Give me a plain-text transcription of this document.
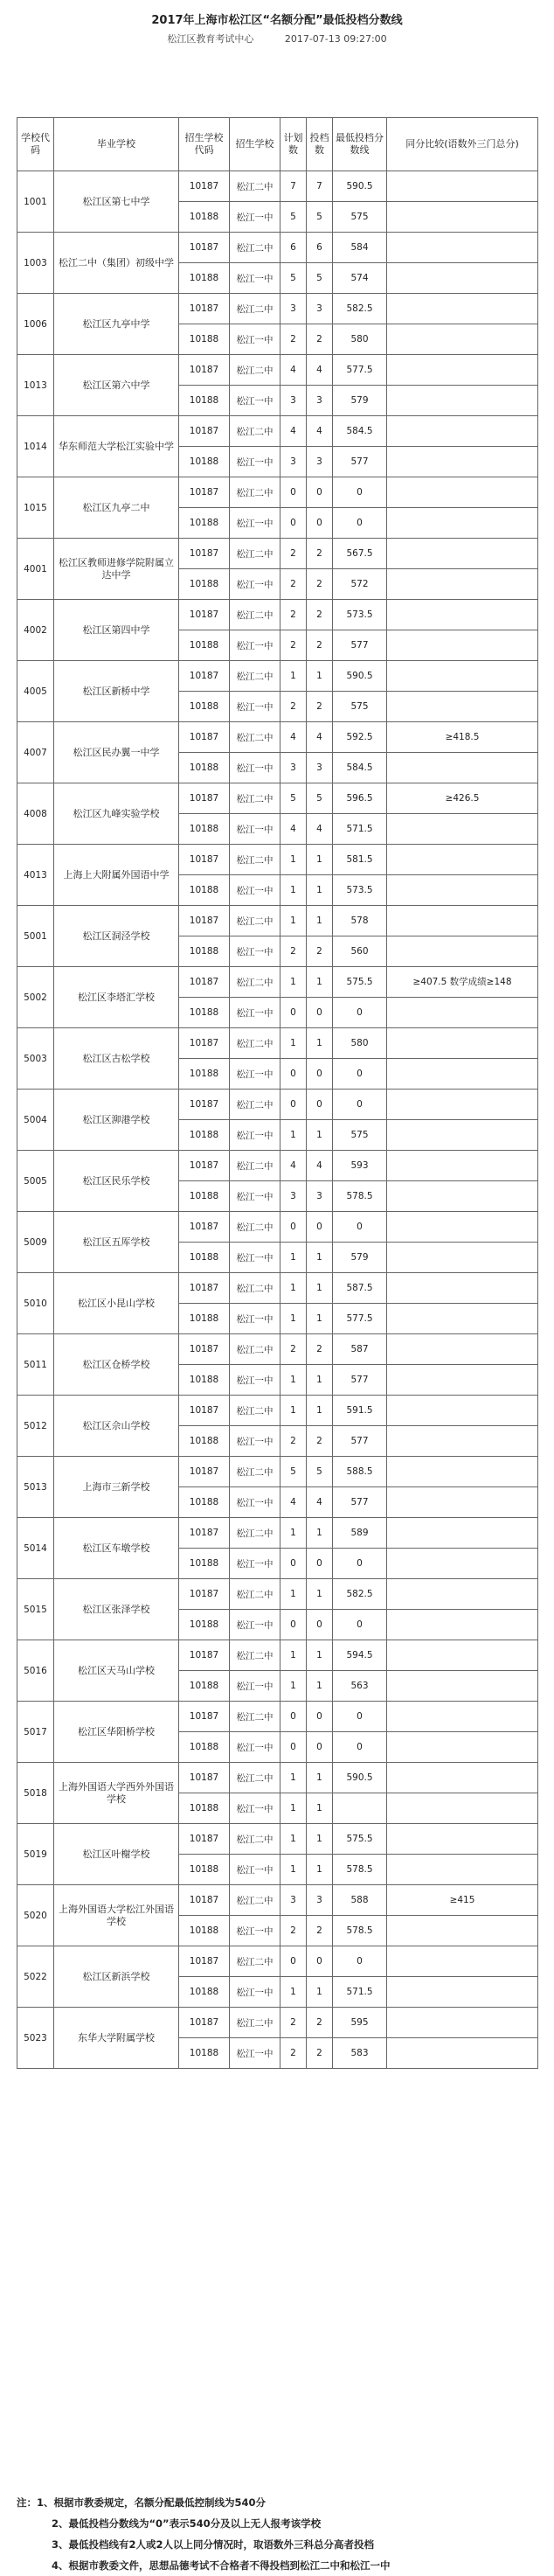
2017年上海市松江区“名额分配”最低投档分数线
松江区教育考试中心	2017-07-13 09:27:00
学校代码	毕业学校	招生学校代码	招生学校	计划数	投档数	最低投档分数线	同分比较(语数外三门总分)
1001	松江区第七中学	10187	松江二中	7	7	590.5	
		10188	松江一中	5	5	575	
1003	松江二中（集团）初级中学	10187	松江二中	6	6	584	
		10188	松江一中	5	5	574	
1006	松江区九亭中学	10187	松江二中	3	3	582.5	
		10188	松江一中	2	2	580	
1013	松江区第六中学	10187	松江二中	4	4	577.5	
		10188	松江一中	3	3	579	
1014	华东师范大学松江实验中学	10187	松江二中	4	4	584.5	
		10188	松江一中	3	3	577	
1015	松江区九亭二中	10187	松江二中	0	0	0	
		10188	松江一中	0	0	0	
4001	松江区教师进修学院附属立达中学	10187	松江二中	2	2	567.5	
		10188	松江一中	2	2	572	
4002	松江区第四中学	10187	松江二中	2	2	573.5	
		10188	松江一中	2	2	577	
4005	松江区新桥中学	10187	松江二中	1	1	590.5	
		10188	松江一中	2	2	575	
4007	松江区民办翼一中学	10187	松江二中	4	4	592.5	≥418.5
		10188	松江一中	3	3	584.5	
4008	松江区九峰实验学校	10187	松江二中	5	5	596.5	≥426.5
		10188	松江一中	4	4	571.5	
4013	上海上大附属外国语中学	10187	松江二中	1	1	581.5	
		10188	松江一中	1	1	573.5	
5001	松江区洞泾学校	10187	松江二中	1	1	578	
		10188	松江一中	2	2	560	
5002	松江区李塔汇学校	10187	松江二中	1	1	575.5	≥407.5 数学成绩≥148
		10188	松江一中	0	0	0	
5003	松江区古松学校	10187	松江二中	1	1	580	
		10188	松江一中	0	0	0	
5004	松江区泖港学校	10187	松江二中	0	0	0	
		10188	松江一中	1	1	575	
5005	松江区民乐学校	10187	松江二中	4	4	593	
		10188	松江一中	3	3	578.5	
5009	松江区五厍学校	10187	松江二中	0	0	0	
		10188	松江一中	1	1	579	
5010	松江区小昆山学校	10187	松江二中	1	1	587.5	
		10188	松江一中	1	1	577.5	
5011	松江区仓桥学校	10187	松江二中	2	2	587	
		10188	松江一中	1	1	577	
5012	松江区佘山学校	10187	松江二中	1	1	591.5	
		10188	松江一中	2	2	577	
5013	上海市三新学校	10187	松江二中	5	5	588.5	
		10188	松江一中	4	4	577	
5014	松江区车墩学校	10187	松江二中	1	1	589	
		10188	松江一中	0	0	0	
5015	松江区张泽学校	10187	松江二中	1	1	582.5	
		10188	松江一中	0	0	0	
5016	松江区天马山学校	10187	松江二中	1	1	594.5	
		10188	松江一中	1	1	563	
5017	松江区华阳桥学校	10187	松江二中	0	0	0	
		10188	松江一中	0	0	0	
5018	上海外国语大学西外外国语学校	10187	松江二中	1	1	590.5	
		10188	松江一中	1	1		
5019	松江区叶榭学校	10187	松江二中	1	1	575.5	
		10188	松江一中	1	1	578.5	
5020	上海外国语大学松江外国语学校	10187	松江二中	3	3	588	≥415
		10188	松江一中	2	2	578.5	
5022	松江区新浜学校	10187	松江二中	0	0	0	
		10188	松江一中	1	1	571.5	
5023	东华大学附属学校	10187	松江二中	2	2	595	
		10188	松江一中	2	2	583	
注：1、根据市教委规定，名额分配最低控制线为540分
2、最低投档分数线为“0”表示540分及以上无人报考该学校
3、最低投档线有2人或2人以上同分情况时，取语数外三科总分高者投档
4、根据市教委文件，思想品德考试不合格者不得投档到松江二中和松江一中
